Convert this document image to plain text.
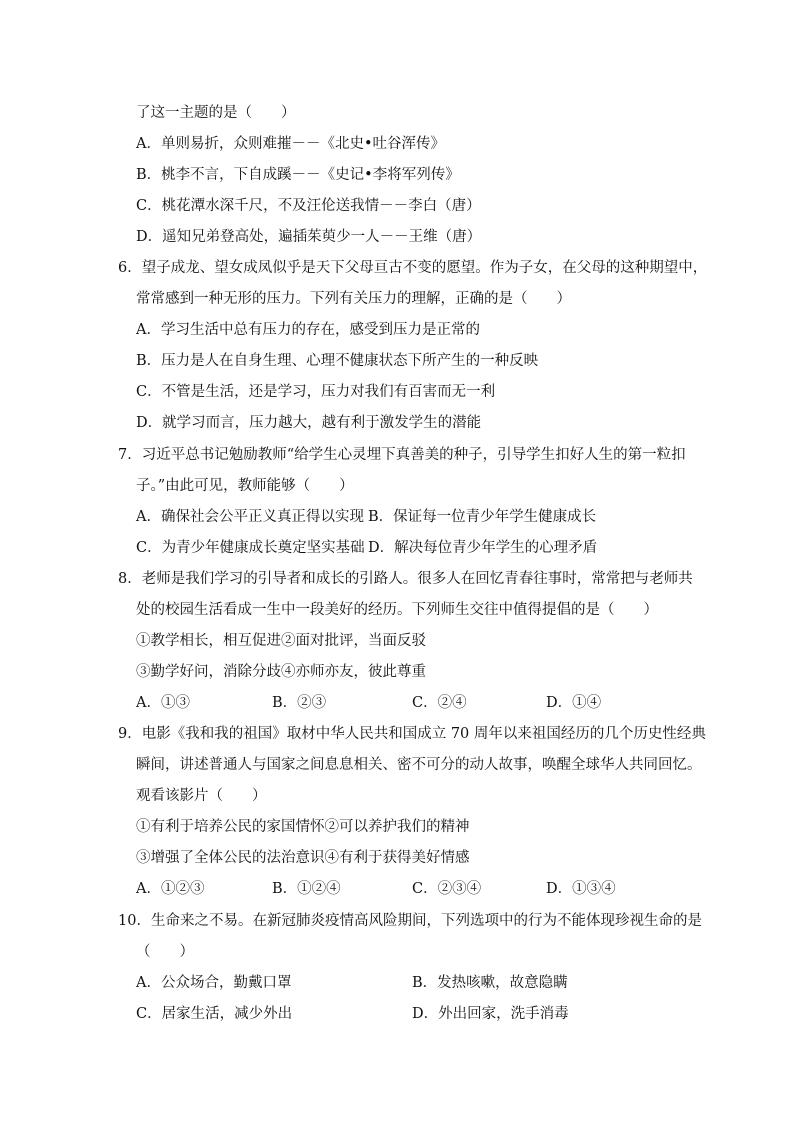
了这一主题的是（　　）
A．单则易折，众则难摧－－《北史•吐谷浑传》
B．桃李不言，下自成蹊－－《史记•李将军列传》
C．桃花潭水深千尺，不及汪伦送我情－－李白（唐）
D．遥知兄弟登高处，遍插茱萸少一人－－王维（唐）
6．望子成龙、望女成凤似乎是天下父母亘古不变的愿望。作为子女，在父母的这种期望中，
常常感到一种无形的压力。下列有关压力的理解，正确的是（　　）
A．学习生活中总有压力的存在，感受到压力是正常的
B．压力是人在自身生理、心理不健康状态下所产生的一种反映
C．不管是生活，还是学习，压力对我们有百害而无一利
D．就学习而言，压力越大，越有利于激发学生的潜能
7．习近平总书记勉励教师“给学生心灵埋下真善美的种子，引导学生扣好人生的第一粒扣
子。”由此可见，教师能够（　　）
A．确保社会公平正义真正得以实现 B．保证每一位青少年学生健康成长
C．为青少年健康成长奠定坚实基础 D．解决每位青少年学生的心理矛盾
8．老师是我们学习的引导者和成长的引路人。很多人在回忆青春往事时，常常把与老师共
处的校园生活看成一生中一段美好的经历。下列师生交往中值得提倡的是（　　）
①教学相长，相互促进②面对批评，当面反驳
③勤学好问，消除分歧④亦师亦友，彼此尊重
A．①③	B．②③	C．②④	D．①④
9．电影《我和我的祖国》取材中华人民共和国成立 70 周年以来祖国经历的几个历史性经典
瞬间，讲述普通人与国家之间息息相关、密不可分的动人故事，唤醒全球华人共同回忆。
观看该影片（　　）
①有利于培养公民的家国情怀②可以养护我们的精神
③增强了全体公民的法治意识④有利于获得美好情感
A．①②③	B．①②④	C．②③④	D．①③④
10．生命来之不易。在新冠肺炎疫情高风险期间，下列选项中的行为不能体现珍视生命的是
（　　）
A．公众场合，勤戴口罩	B．发热咳嗽，故意隐瞒
C．居家生活，减少外出	D．外出回家，洗手消毒
